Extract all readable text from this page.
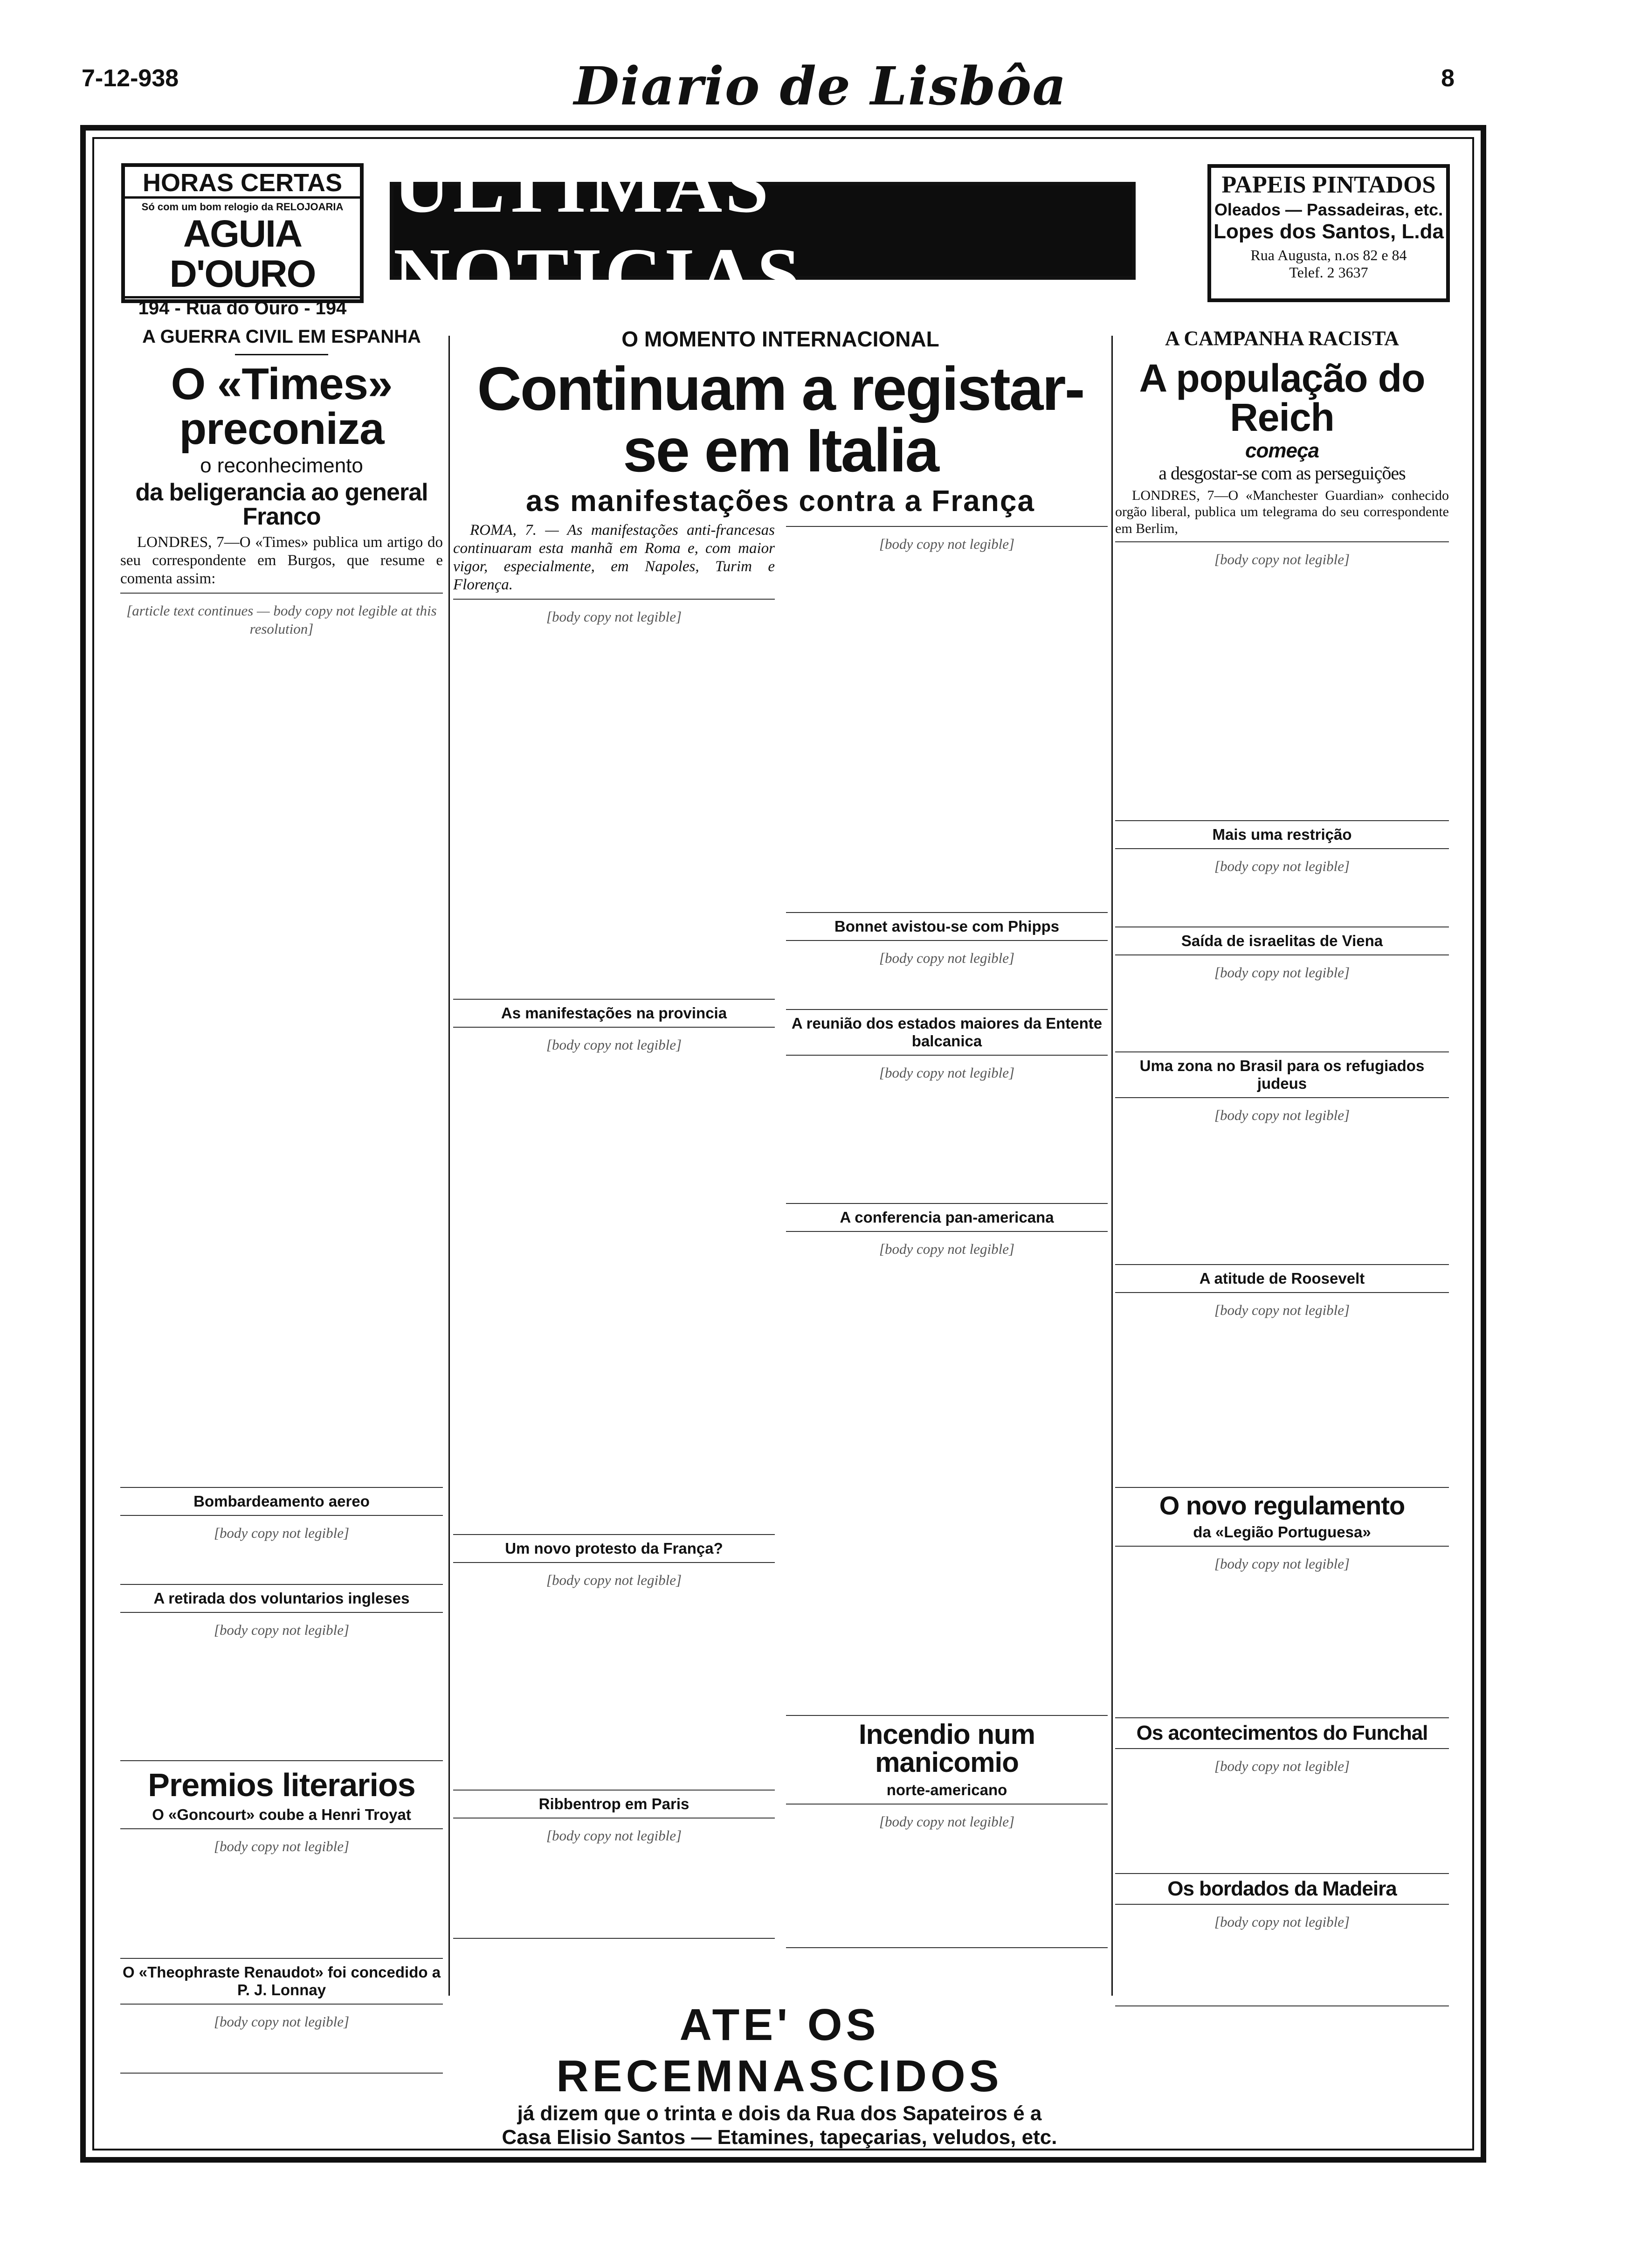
7-12-938	Diario de Lisbôa	8
HORAS CERTAS
Só com um bom relogio da RELOJOARIA
AGUIA D'OURO
194 - Rua do Ouro - 194
ULTIMAS NOTICIAS
PAPEIS PINTADOS
Oleados — Passadeiras, etc.
Lopes dos Santos, L.da
Rua Augusta, n.os 82 e 84
Telef. 2 3637
A GUERRA CIVIL EM ESPANHA
O «Times» preconiza
o reconhecimento
da beligerancia ao general Franco

LONDRES, 7—O «Times» publica um artigo do seu correspondente em Burgos, que resume e comenta assim:

[article text continues — body copy not legible at this resolution]
Bombardeamento aereo
[body copy not legible]
A retirada dos voluntarios ingleses
[body copy not legible]
Premios literarios
O «Goncourt» coube a Henri Troyat
[body copy not legible]
O «Theophraste Renaudot» foi concedido a P. J. Lonnay
[body copy not legible]
O MOMENTO INTERNACIONAL
Continuam a registar-se em Italia
as manifestações contra a França

ROMA, 7. — As manifestações anti-francesas continuaram esta manhã em Roma e, com maior vigor, especialmente, em Napoles, Turim e Florença.

[body copy not legible]
As manifestações na provincia
[body copy not legible]
Um novo protesto da França?
[body copy not legible]
Ribbentrop em Paris
[body copy not legible]
[body copy not legible]
Bonnet avistou-se com Phipps
[body copy not legible]
A reunião dos estados maiores da Entente balcanica
[body copy not legible]
A conferencia pan-americana
[body copy not legible]
Incendio num manicomio
norte-americano
[body copy not legible]
A CAMPANHA RACISTA
A população do Reich
começa
a desgostar-se com as perseguições

LONDRES, 7—O «Manchester Guardian» conhecido orgão liberal, publica um telegrama do seu correspondente em Berlim,

[body copy not legible]
Mais uma restrição
[body copy not legible]
Saída de israelitas de Viena
[body copy not legible]
Uma zona no Brasil para os refugiados judeus
[body copy not legible]
A atitude de Roosevelt
[body copy not legible]
O novo regulamento
da «Legião Portuguesa»
[body copy not legible]
Os acontecimentos do Funchal
[body copy not legible]
Os bordados da Madeira
[body copy not legible]
ATE' OS RECEMNASCIDOS
já dizem que o trinta e dois da Rua dos Sapateiros é a
Casa Elisio Santos — Etamines, tapeçarias, veludos, etc.
